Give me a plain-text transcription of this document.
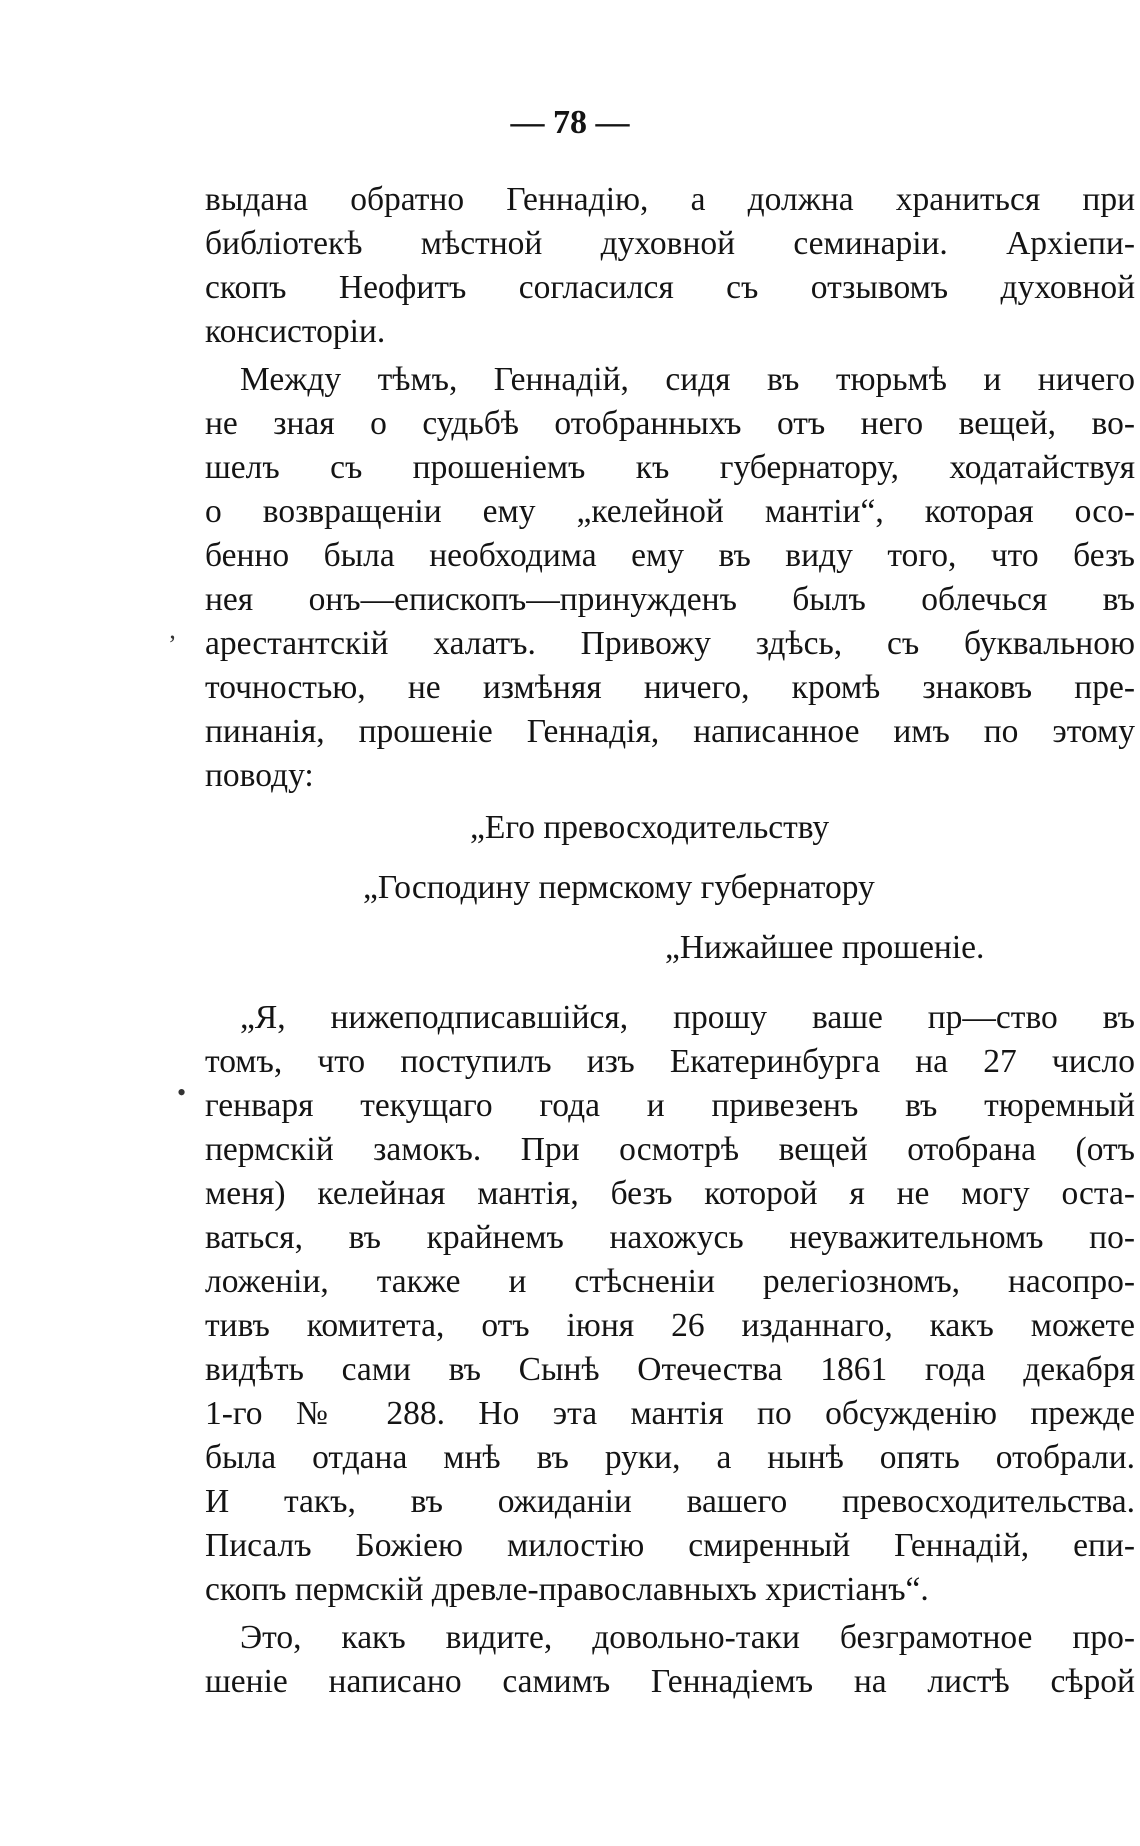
— 78 —
ʼ
•
выдана обратно Геннадію, а должна храниться при
библіотекѣ мѣстной духовной семинаріи. Архіепи-
скопъ Неофитъ согласился съ отзывомъ духовной
консисторіи.
Между тѣмъ, Геннадій, сидя въ тюрьмѣ и ничего
не зная о судьбѣ отобранныхъ отъ него вещей, во-
шелъ съ прошеніемъ къ губернатору, ходатайствуя
о возвращеніи ему „келейной мантіи“, которая осо-
бенно была необходима ему въ виду того, что безъ
нея онъ—епископъ—принужденъ былъ облечься въ
арестантскій халатъ. Привожу здѣсь, съ буквальною
точностью, не измѣняя ничего, кромѣ знаковъ пре-
пинанія, прошеніе Геннадія, написанное имъ по этому
поводу:
„Его превосходительству
„Господину пермскому губернатору
„Нижайшее прошеніе.
„Я, нижеподписавшійся, прошу ваше пр—ство въ
томъ, что поступилъ изъ Екатеринбурга на 27 число
генваря текущаго года и привезенъ въ тюремный
пермскій замокъ. При осмотрѣ вещей отобрана (отъ
меня) келейная мантія, безъ которой я не могу оста-
ваться, въ крайнемъ нахожусь неуважительномъ по-
ложеніи, также и стѣсненіи релегіозномъ, насопро-
тивъ комитета, отъ іюня 26 изданнаго, какъ можете
видѣть сами въ Сынѣ Отечества 1861 года декабря
1-го № 288. Но эта мантія по обсужденію прежде
была отдана мнѣ въ руки, а нынѣ опять отобрали.
И такъ, въ ожиданіи вашего превосходительства.
Писалъ Божіею милостію смиренный Геннадій, епи-
скопъ пермскій древле-православныхъ христіанъ“.
Это, какъ видите, довольно-таки безграмотное про-
шеніе написано самимъ Геннадіемъ на листѣ сѣрой
